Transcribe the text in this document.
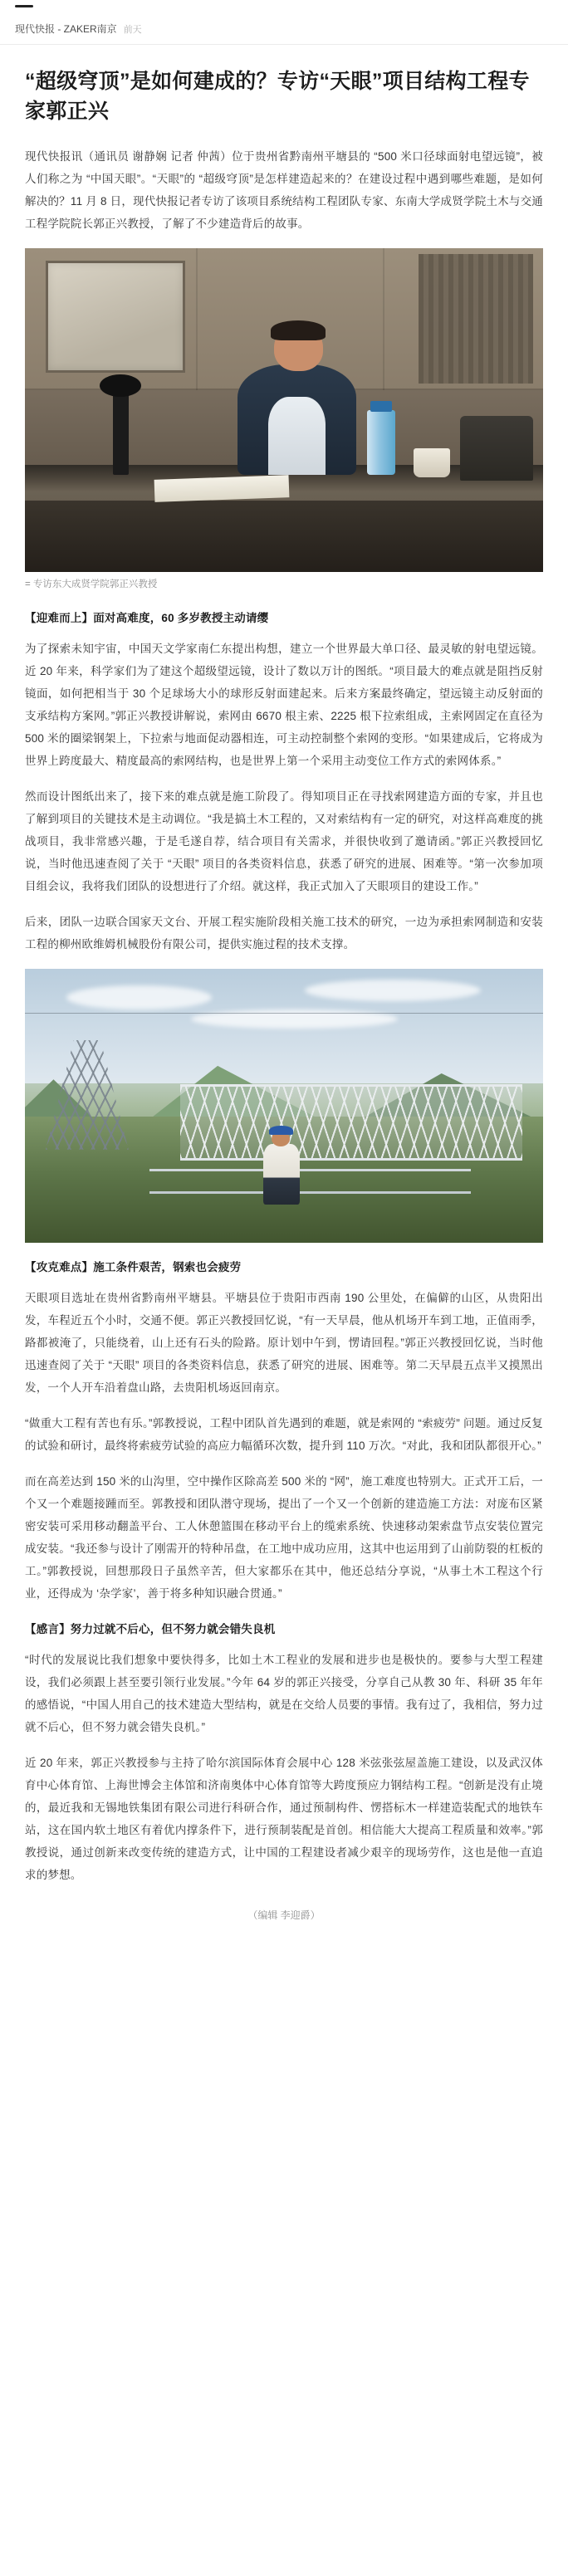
现代快报 - ZAKER南京 前天
“超级穹顶”是如何建成的？专访“天眼”项目结构工程专家郭正兴

现代快报讯（通讯员 谢静娴 记者 仲茜）位于贵州省黔南州平塘县的 “500 米口径球面射电望远镜”，被人们称之为 “中国天眼”。“天眼”的 “超级穹顶”是怎样建造起来的？在建设过程中遇到哪些难题，是如何解决的？11 月 8 日，现代快报记者专访了该项目系统结构工程团队专家、东南大学成贤学院土木与交通工程学院院长郭正兴教授，了解了不少建造背后的故事。

= 专访东大成贤学院郭正兴教授
【迎难而上】面对高难度，60 多岁教授主动请缨

为了探索未知宇宙，中国天文学家南仁东提出构想，建立一个世界最大单口径、最灵敏的射电望远镜。近 20 年来，科学家们为了建这个超级望远镜，设计了数以万计的图纸。“项目最大的难点就是阻挡反射镜面，如何把相当于 30 个足球场大小的球形反射面建起来。后来方案最终确定，望远镜主动反射面的支承结构方案网。”郭正兴教授讲解说，索网由 6670 根主索、2225 根下拉索组成，主索网固定在直径为 500 米的圈梁钢架上，下拉索与地面促动器相连，可主动控制整个索网的变形。“如果建成后，它将成为世界上跨度最大、精度最高的索网结构，也是世界上第一个采用主动变位工作方式的索网体系。”

然而设计图纸出来了，接下来的难点就是施工阶段了。得知项目正在寻找索网建造方面的专家，并且也了解到项目的关键技术是主动调位。“我是搞土木工程的，又对索结构有一定的研究，对这样高难度的挑战项目，我非常感兴趣，于是毛遂自荐，结合项目有关需求，并很快收到了邀请函。”郭正兴教授回忆说，当时他迅速查阅了关于 “天眼” 项目的各类资料信息，获悉了研究的进展、困难等。“第一次参加项目组会议，我将我们团队的设想进行了介绍。就这样，我正式加入了天眼项目的建设工作。”

后来，团队一边联合国家天文台、开展工程实施阶段相关施工技术的研究，一边为承担索网制造和安装工程的柳州欧维姆机械股份有限公司，提供实施过程的技术支撑。

【攻克难点】施工条件艰苦，钢索也会疲劳

天眼项目选址在贵州省黔南州平塘县。平塘县位于贵阳市西南 190 公里处，在偏僻的山区，从贵阳出发，车程近五个小时，交通不便。郭正兴教授回忆说，“有一天早晨，他从机场开车到工地，正值雨季，路都被淹了，只能绕着，山上还有石头的险路。原计划中午到，愣请回程。”郭正兴教授回忆说，当时他迅速查阅了关于 “天眼” 项目的各类资料信息，获悉了研究的进展、困难等。第二天早晨五点半又摸黑出发，一个人开车沿着盘山路，去贵阳机场返回南京。

“做重大工程有苦也有乐。”郭教授说，工程中团队首先遇到的难题，就是索网的 “索疲劳” 问题。通过反复的试验和研讨，最终将索疲劳试验的高应力幅循环次数，提升到 110 万次。“对此，我和团队都很开心。”

而在高差达到 150 米的山沟里，空中操作区除高差 500 米的 “网”，施工难度也特别大。正式开工后，一个又一个难题接踵而至。郭教授和团队潜守现场，提出了一个又一个创新的建造施工方法：对庞布区紧密安装可采用移动翻盖平台、工人休憩篮围在移动平台上的缆索系统、快速移动架索盘节点安装位置完成安装。“我还参与设计了刚需开的特种吊盘，在工地中成功应用，这其中也运用到了山前防裂的杠板的工。”郭教授说，回想那段日子虽然辛苦，但大家都乐在其中，他还总结分享说，“从事土木工程这个行业，还得成为 ‘杂学家’，善于将多种知识融合贯通。”

【感言】努力过就不后心，但不努力就会错失良机

“时代的发展说比我们想象中要快得多，比如土木工程业的发展和进步也是极快的。要参与大型工程建设，我们必须跟上甚至要引领行业发展。”今年 64 岁的郭正兴接受，分享自己从教 30 年、科研 35 年年的感悟说，“中国人用自己的技术建造大型结构，就是在交给人员要的事情。我有过了，我相信，努力过就不后心，但不努力就会错失良机。”

近 20 年来，郭正兴教授参与主持了哈尔滨国际体育会展中心 128 米弦张弦屋盖施工建设，以及武汉体育中心体育馆、上海世博会主体馆和济南奥体中心体育馆等大跨度预应力钢结构工程。“创新是没有止境的，最近我和无锡地铁集团有限公司进行科研合作，通过预制构件、愣搭标木一样建造装配式的地铁车站，这在国内软土地区有着优内撑条件下，进行预制装配是首创。相信能大大提高工程质量和效率。”郭教授说，通过创新来改变传统的建造方式，让中国的工程建设者减少艰辛的现场劳作，这也是他一直追求的梦想。

（编辑 李迎爵）
